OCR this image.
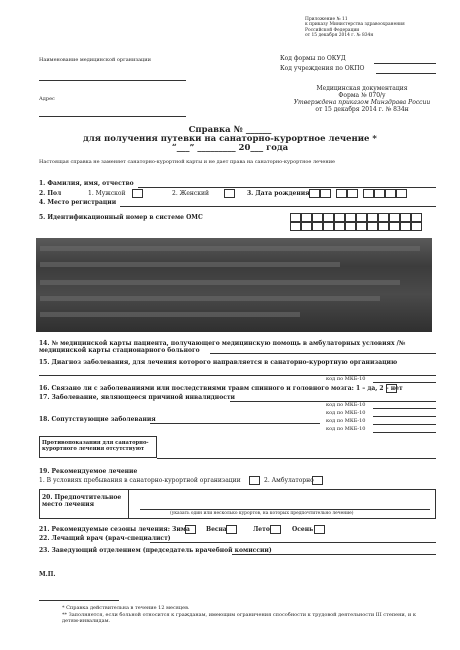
Приложение № 11
к приказу Министерства здравоохранения
Российской Федерации
от 15 декабря 2014 г. № 834н
Наименование медицинской организации
Адрес
Код формы по ОКУД
Код учреждения по ОКПО
Медицинская документация
Форма № 070/у
Утверждена приказом Минздрава России
от 15 декабря 2014 г. № 834н
Справка № ______
для получения путевки на санаторно-курортное лечение *
“___” _________ 20___ года
Настоящая справка не заменяет санаторно-курортной карты и не дает права на санаторно-курортное лечение
1. Фамилия, имя, отчество
2. Пол	1. Мужской	2. Женский	3. Дата рождения
4. Место регистрации
5. Идентификационный номер в системе ОМС
14. № медицинской карты пациента, получающего медицинскую помощь в амбулаторных условиях /№ медицинской карты стационарного больного
15. Диагноз заболевания, для лечения которого направляется в санаторно-курортную организацию
код по МКБ-10
16. Связано ли с заболеваниями или последствиями травм спинного и головного мозга: 1 – да, 2 – нет
17. Заболевание, являющееся причиной инвалидности
код по МКБ-10
18. Сопутствующие заболевания
код по МКБ-10
код по МКБ-10
код по МКБ-10
Противопоказания для санаторно-курортного лечения отсутствуют
19. Рекомендуемое лечение
1. В условиях пребывания в санаторно-курортной организации	2. Амбулаторно
20. Предпочтительное место лечения
(указать один или несколько курортов, на которых предпочтительно лечение)
21. Рекомендуемые сезоны лечения: Зима	Весна	Лето	Осень
22. Лечащий врач (врач-специалист)
23. Заведующий отделением (председатель врачебной комиссии)
М.П.
* Справка действительна в течение 12 месяцев.
** Заполняется, если больной относится к гражданам, имеющим ограничения способности к трудовой деятельности III степени, и к детям-инвалидам.
